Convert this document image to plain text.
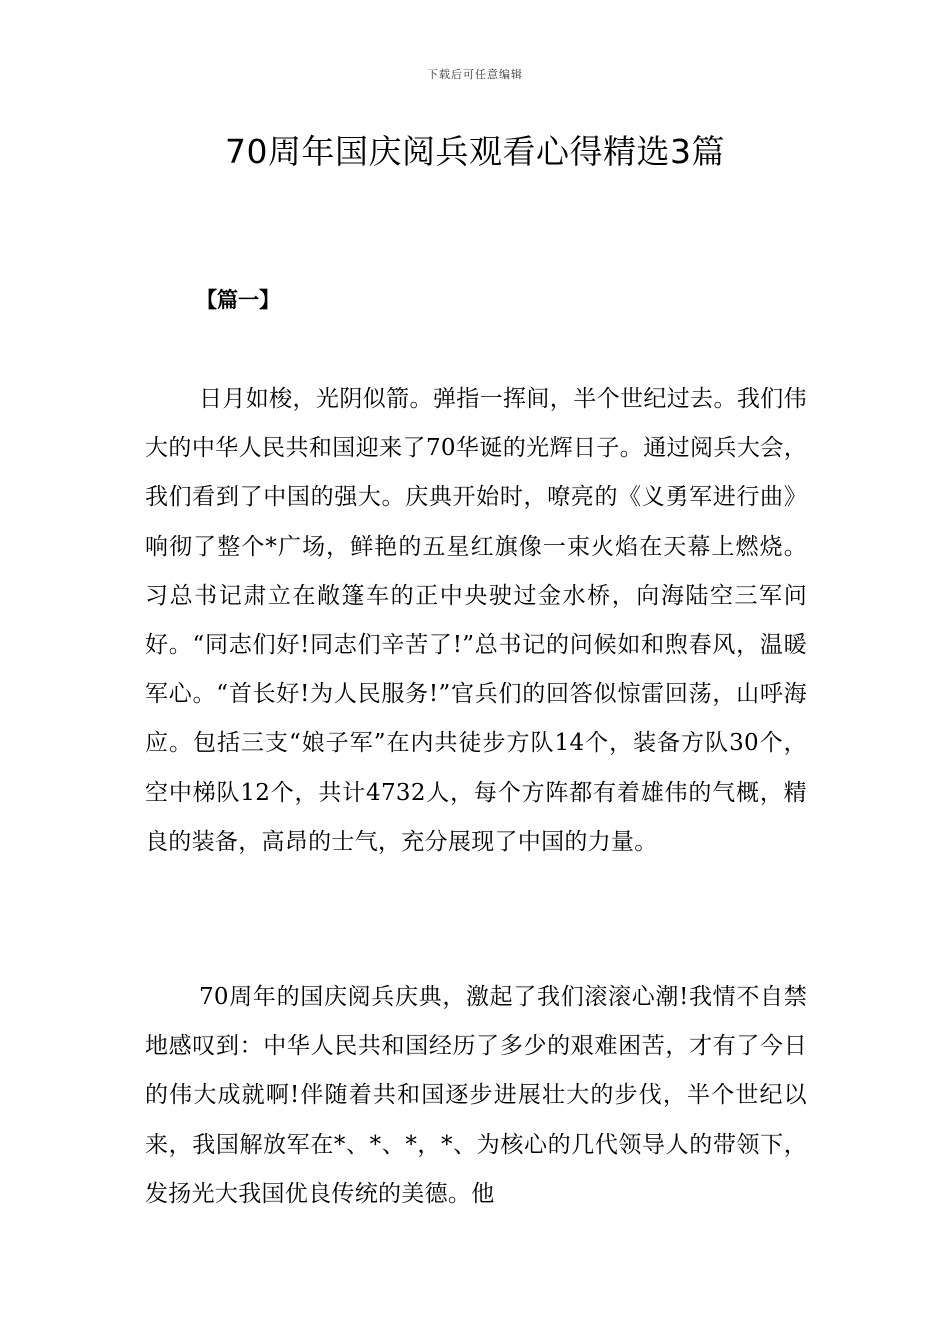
下载后可任意编辑
70周年国庆阅兵观看心得精选3篇
【篇一】

日月如梭，光阴似箭。弹指一挥间，半个世纪过去。我们伟大的中华人民共和国迎来了70华诞的光辉日子。通过阅兵大会，我们看到了中国的强大。庆典开始时，嘹亮的《义勇军进行曲》响彻了整个*广场，鲜艳的五星红旗像一束火焰在天幕上燃烧。习总书记肃立在敞篷车的正中央驶过金水桥，向海陆空三军问好。“同志们好!同志们辛苦了!”总书记的问候如和煦春风，温暖军心。“首长好!为人民服务!”官兵们的回答似惊雷回荡，山呼海应。包括三支“娘子军”在内共徒步方队14个，装备方队30个，空中梯队12个，共计4732人，每个方阵都有着雄伟的气概，精良的装备，高昂的士气，充分展现了中国的力量。

70周年的国庆阅兵庆典，激起了我们滚滚心潮!我情不自禁地感叹到：中华人民共和国经历了多少的艰难困苦，才有了今日的伟大成就啊!伴随着共和国逐步进展壮大的步伐，半个世纪以来，我国解放军在*、*、*，*、为核心的几代领导人的带领下，发扬光大我国优良传统的美德。他
